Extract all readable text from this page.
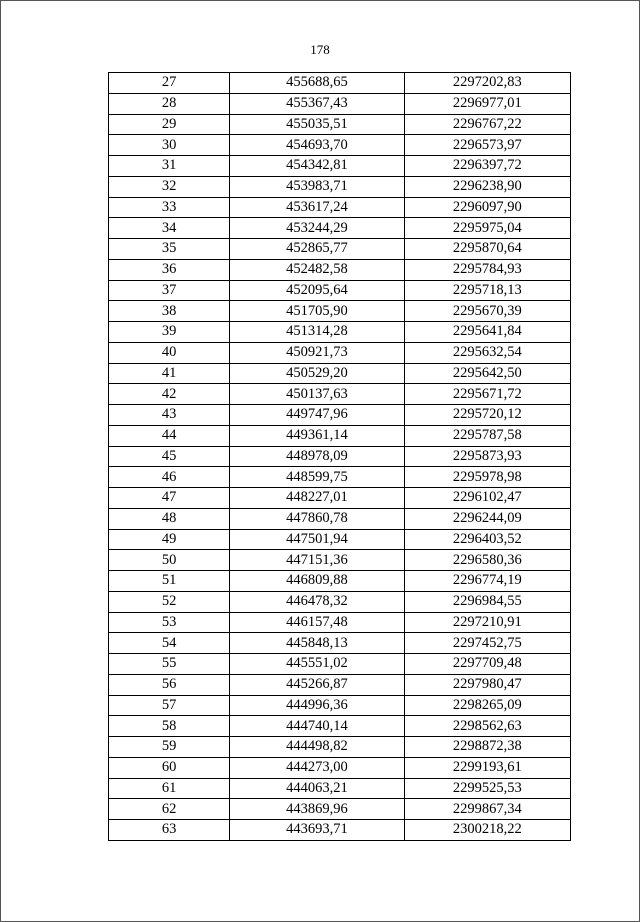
178
27	455688,65	2297202,83
28	455367,43	2296977,01
29	455035,51	2296767,22
30	454693,70	2296573,97
31	454342,81	2296397,72
32	453983,71	2296238,90
33	453617,24	2296097,90
34	453244,29	2295975,04
35	452865,77	2295870,64
36	452482,58	2295784,93
37	452095,64	2295718,13
38	451705,90	2295670,39
39	451314,28	2295641,84
40	450921,73	2295632,54
41	450529,20	2295642,50
42	450137,63	2295671,72
43	449747,96	2295720,12
44	449361,14	2295787,58
45	448978,09	2295873,93
46	448599,75	2295978,98
47	448227,01	2296102,47
48	447860,78	2296244,09
49	447501,94	2296403,52
50	447151,36	2296580,36
51	446809,88	2296774,19
52	446478,32	2296984,55
53	446157,48	2297210,91
54	445848,13	2297452,75
55	445551,02	2297709,48
56	445266,87	2297980,47
57	444996,36	2298265,09
58	444740,14	2298562,63
59	444498,82	2298872,38
60	444273,00	2299193,61
61	444063,21	2299525,53
62	443869,96	2299867,34
63	443693,71	2300218,22
